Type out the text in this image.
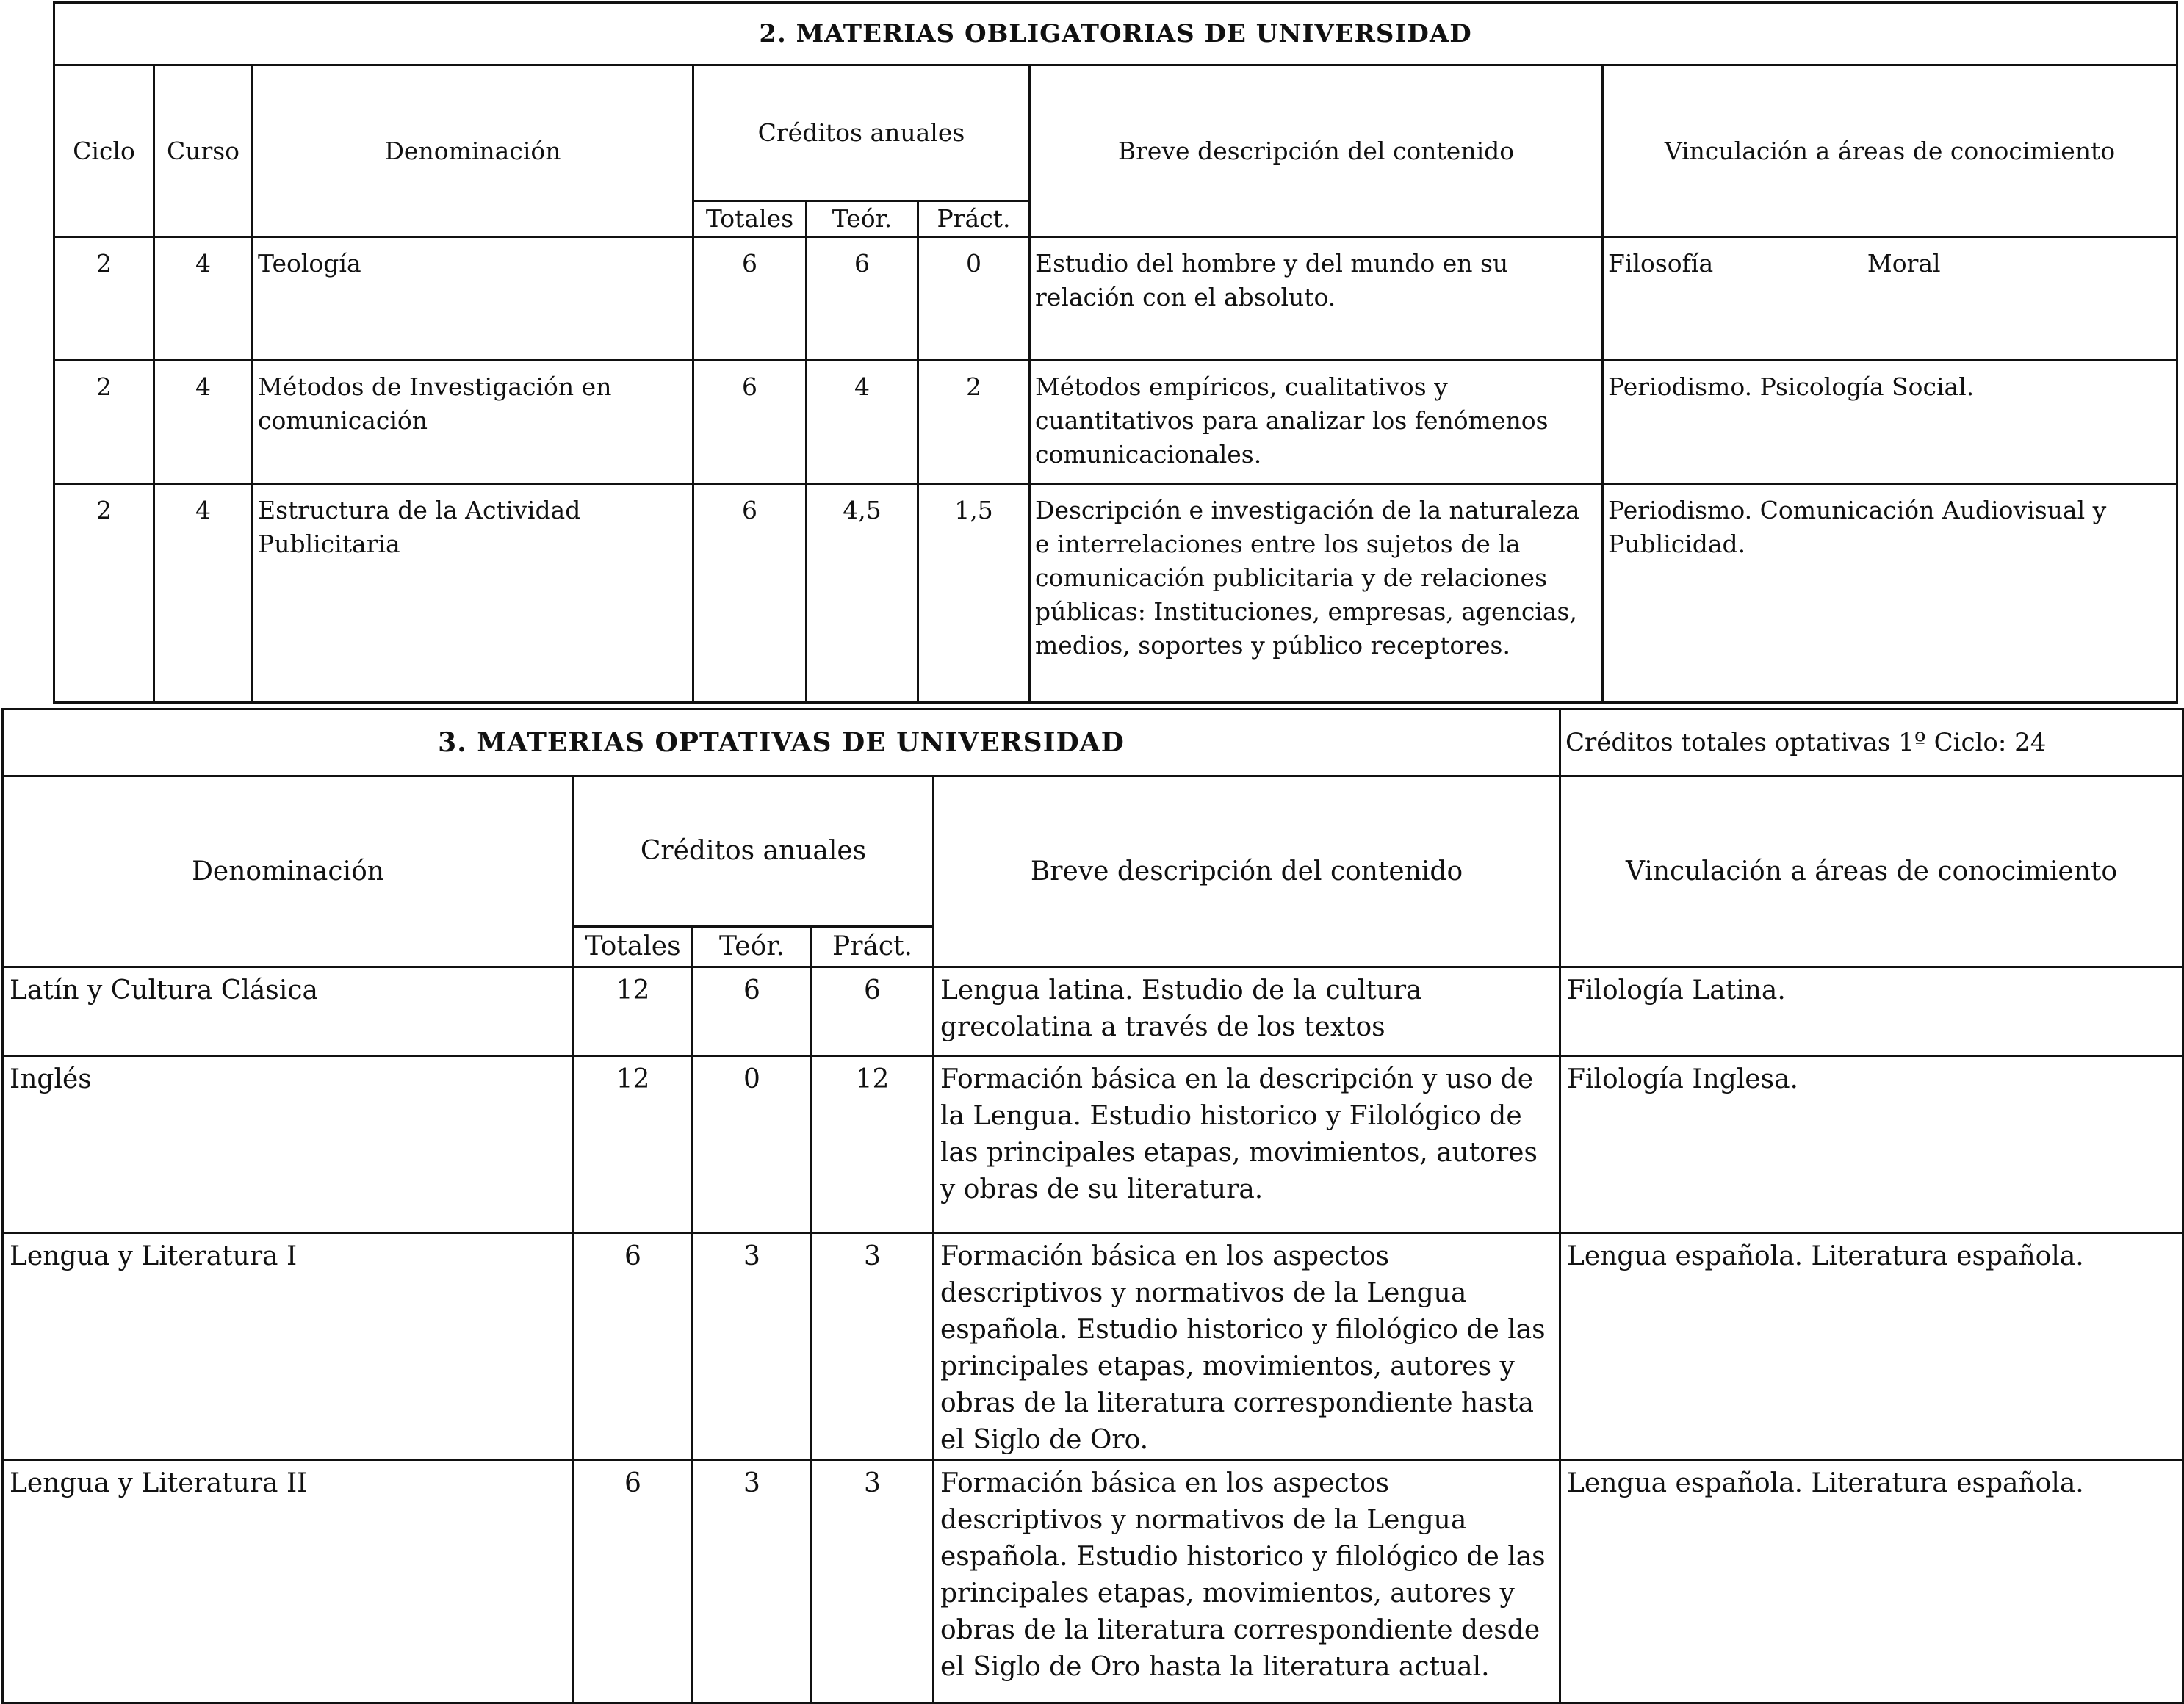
2. MATERIAS OBLIGATORIAS DE UNIVERSIDAD							
Ciclo	Curso	Denominación	Créditos anuales			Breve descripción del contenido	Vinculación a áreas de conocimiento
			Totales	Teór.	Práct.		
2	4	Teología	6	6	0	Estudio del hombre y del mundo en su relación con el absoluto.	Filosofía                    Moral
2	4	Métodos de Investigación en comunicación	6	4	2	Métodos empíricos, cualitativos y cuantitativos para analizar los fenómenos comunicacionales.	Periodismo. Psicología Social.
2	4	Estructura de la Actividad Publicitaria	6	4,5	1,5	Descripción e investigación de la naturaleza e interrelaciones entre los sujetos de la comunicación publicitaria y de relaciones públicas: Instituciones, empresas, agencias, medios, soportes y público receptores.	Periodismo. Comunicación Audiovisual y Publicidad.
3. MATERIAS OPTATIVAS DE UNIVERSIDAD					Créditos totales optativas 1º Ciclo: 24
Denominación	Créditos anuales			Breve descripción del contenido	Vinculación a áreas de conocimiento
	Totales	Teór.	Práct.		
Latín y Cultura Clásica	12	6	6	Lengua latina. Estudio de la cultura grecolatina a través de los textos	Filología Latina.
Inglés	12	0	12	Formación básica en la descripción y uso de la Lengua. Estudio historico y Filológico de las principales etapas, movimientos, autores y obras de su literatura.	Filología Inglesa.
Lengua y Literatura I	6	3	3	Formación básica en los aspectos descriptivos y normativos de la Lengua española. Estudio historico y filológico de las principales etapas, movimientos, autores y obras de la literatura correspondiente hasta el Siglo de Oro.	Lengua española. Literatura española.
Lengua y Literatura II	6	3	3	Formación básica en los aspectos descriptivos y normativos de la Lengua española. Estudio historico y filológico de las principales etapas, movimientos, autores y obras de la literatura correspondiente desde el Siglo de Oro hasta la literatura actual.	Lengua española. Literatura española.
